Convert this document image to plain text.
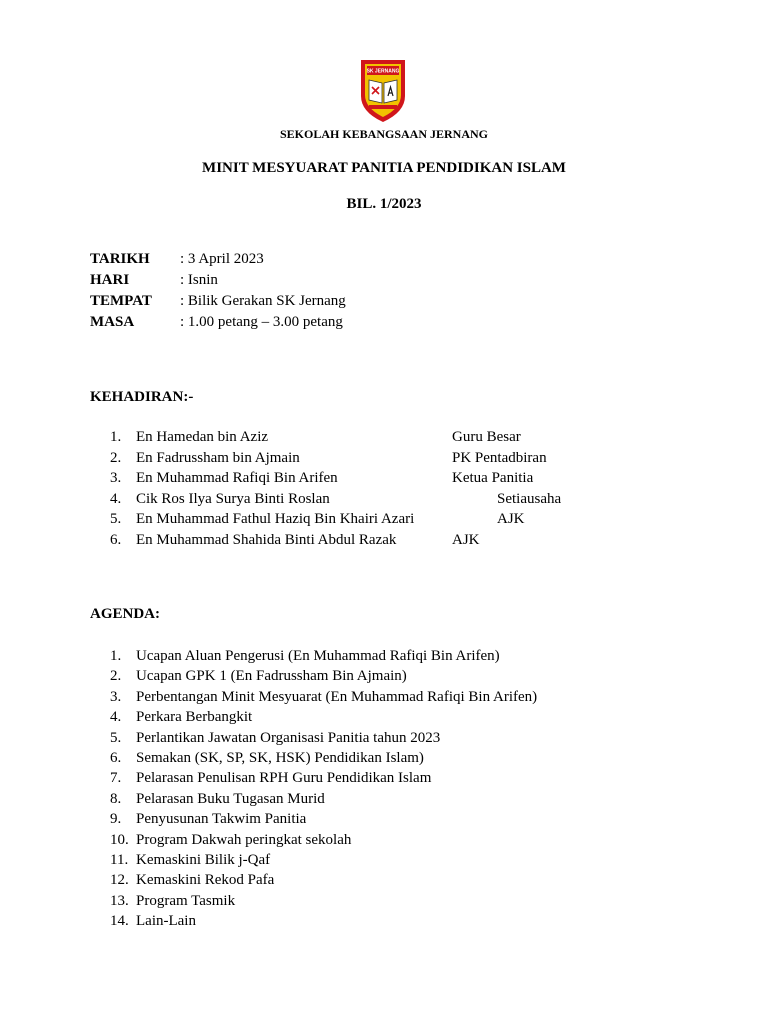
SK JERNANG
SEKOLAH KEBANGSAAN JERNANG
MINIT MESYUARAT PANITIA PENDIDIKAN ISLAM
BIL. 1/2023
TARIKH : 3 April 2023
HARI	: Isnin
TEMPAT : Bilik Gerakan SK Jernang
MASA	: 1.00 petang – 3.00 petang
KEHADIRAN:-
1. En Hamedan bin Aziz	Guru Besar
2. En Fadrussham bin Ajmain	PK Pentadbiran
3. En Muhammad Rafiqi Bin Arifen	Ketua Panitia
4. Cik Ros Ilya Surya Binti Roslan	Setiausaha
5. En Muhammad Fathul Haziq Bin Khairi Azari	AJK
6. En Muhammad Shahida Binti Abdul Razak	AJK
AGENDA:
1. Ucapan Aluan Pengerusi (En Muhammad Rafiqi Bin Arifen)
2. Ucapan GPK 1 (En Fadrussham Bin Ajmain)
3. Perbentangan Minit Mesyuarat (En Muhammad Rafiqi Bin Arifen)
4. Perkara Berbangkit
5. Perlantikan Jawatan Organisasi Panitia tahun 2023
6. Semakan (SK, SP, SK, HSK) Pendidikan Islam)
7. Pelarasan Penulisan RPH Guru Pendidikan Islam
8. Pelarasan Buku Tugasan Murid
9. Penyusunan Takwim Panitia
10. Program Dakwah peringkat sekolah
11. Kemaskini Bilik j-Qaf
12. Kemaskini Rekod Pafa
13. Program Tasmik
14. Lain-Lain
